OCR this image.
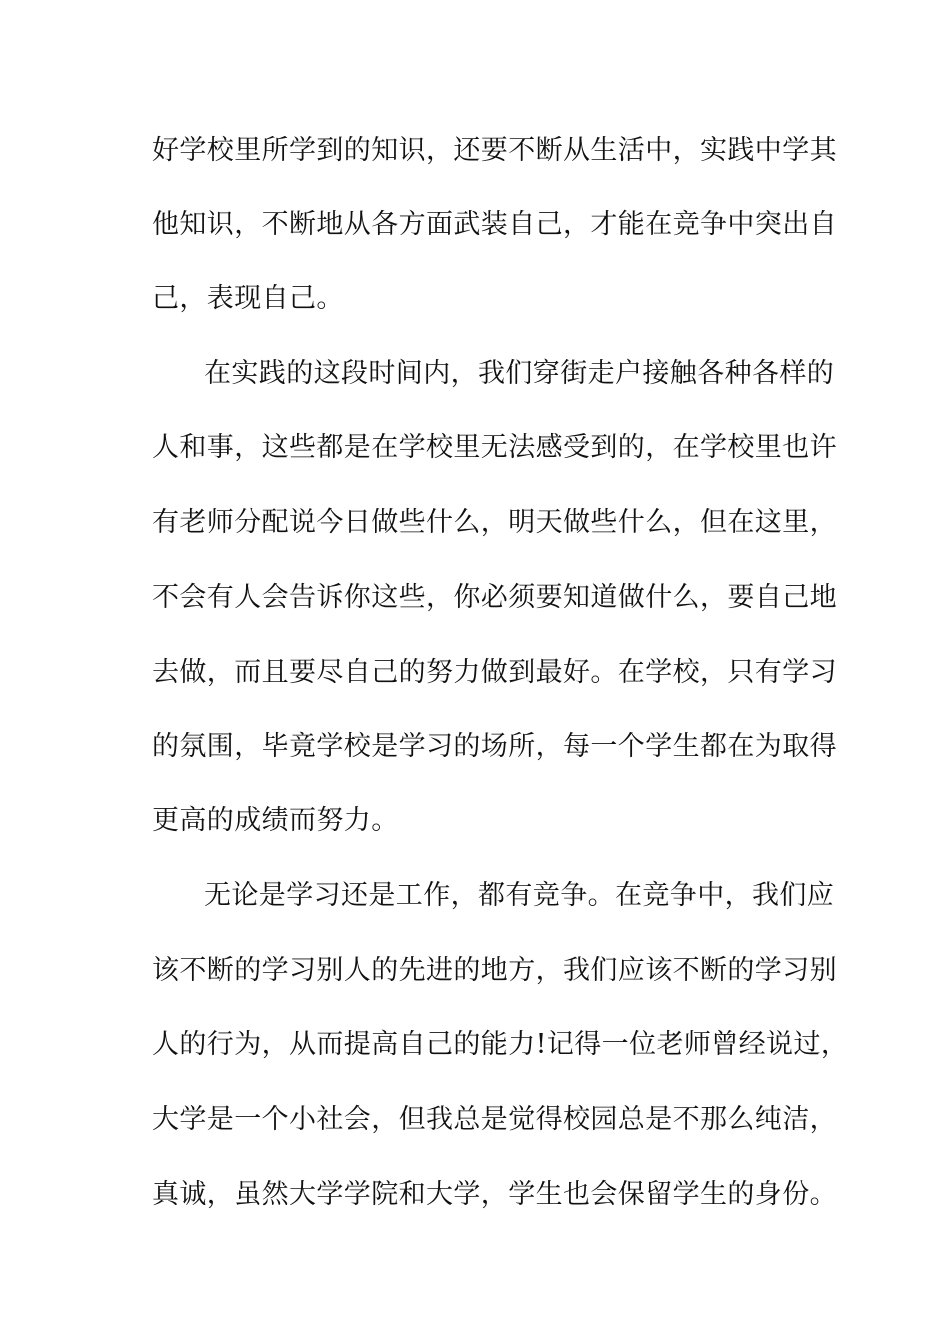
好学校里所学到的知识，还要不断从生活中，实践中学其
他知识，不断地从各方面武装自己，才能在竞争中突出自
己，表现自己。
在实践的这段时间内，我们穿街走户接触各种各样的
人和事，这些都是在学校里无法感受到的，在学校里也许
有老师分配说今日做些什么，明天做些什么，但在这里，
不会有人会告诉你这些，你必须要知道做什么，要自己地
去做，而且要尽自己的努力做到最好。在学校，只有学习
的氛围，毕竟学校是学习的场所，每一个学生都在为取得
更高的成绩而努力。
无论是学习还是工作，都有竞争。在竞争中，我们应
该不断的学习别人的先进的地方，我们应该不断的学习别
人的行为，从而提高自己的能力!记得一位老师曾经说过，
大学是一个小社会，但我总是觉得校园总是不那么纯洁，
真诚，虽然大学学院和大学，学生也会保留学生的身份。
